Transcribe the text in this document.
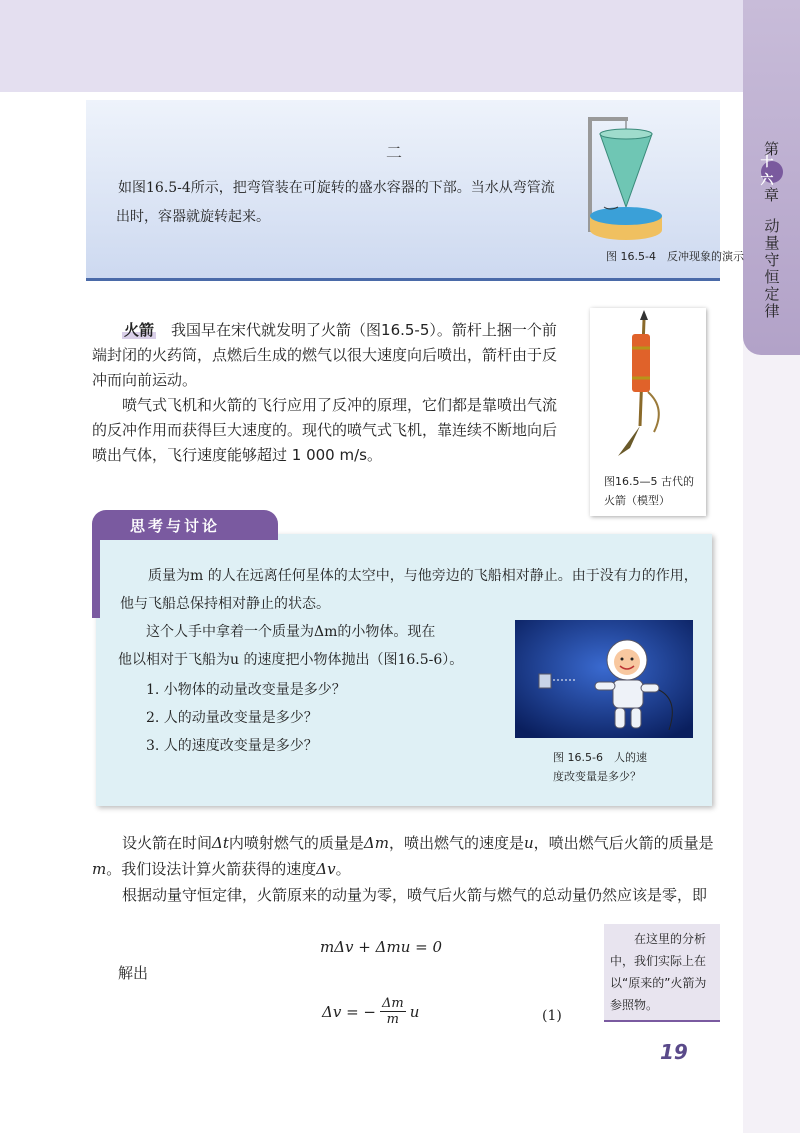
第
十六
章
动量守恒定律
二
如图16.5-4所示，把弯管装在可旋转的盛水容器的下部。当水从弯管流出时，容器就旋转起来。
图 16.5-4　反冲现象的演示

火箭　 我国早在宋代就发明了火箭（图16.5-5）。箭杆上捆一个前端封闭的火药筒，点燃后生成的燃气以很大速度向后喷出，箭杆由于反冲而向前运动。

喷气式飞机和火箭的飞行应用了反冲的原理，它们都是靠喷出气流的反冲作用而获得巨大速度的。现代的喷气式飞机，靠连续不断地向后喷出气体，飞行速度能够超过 1 000 m/s。

图16.5—5 古代的
火箭（模型）
思考与讨论

质量为m 的人在远离任何星体的太空中，与他旁边的飞船相对静止。由于没有力的作用，他与飞船总保持相对静止的状态。

这个人手中拿着一个质量为Δm的小物体。现在
他以相对于飞船为u 的速度把小物体抛出（图16.5-6）。
1. 小物体的动量改变量是多少？
2. 人的动量改变量是多少？
3. 人的速度改变量是多少？
图 16.5-6　人的速
度改变量是多少？

设火箭在时间Δt内喷射燃气的质量是Δm，喷出燃气的速度是u，喷出燃气后火箭的质量是m。我们设法计算火箭获得的速度Δv。

根据动量守恒定律，火箭原来的动量为零，喷气后火箭与燃气的总动量仍然应该是零，即

mΔv + Δmu = 0
解出
Δv = − $\frac{\Delta m}{m}$ u	(1)
在这里的分析中，我们实际上在以“原来的”火箭为参照物。
19
